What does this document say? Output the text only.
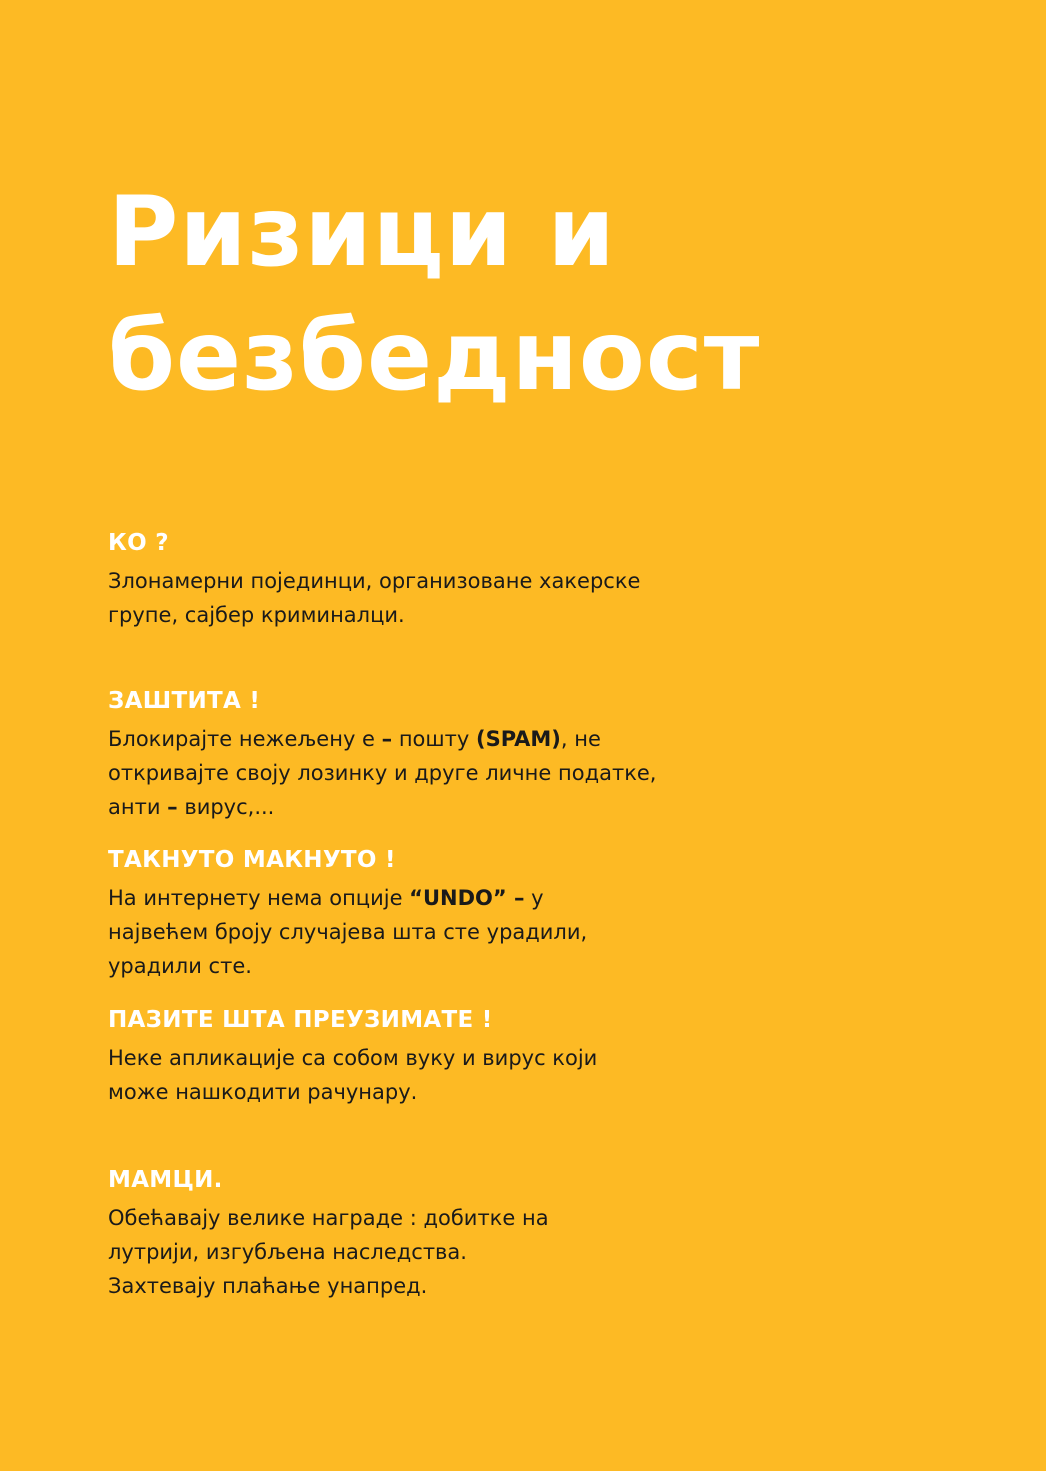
Ризици и
безбедност
КО ?

Злонамерни појединци, организоване хакерске
групе, сајбер криминалци.

ЗАШТИТА !

Блокирајте нежељену е – пошту (SPAM), не
откривајте своју лозинку и друге личне податке,
анти – вирус,...

ТАКНУТО МАКНУТО !

На интернету нема опције “UNDO” – у
највећем броју случајева шта сте урадили,
урадили сте.

ПАЗИТЕ ШТА ПРЕУЗИМАТЕ !

Неке апликације са собом вуку и вирус који
може нашкодити рачунару.

МАМЦИ.

Обећавају велике награде : добитке на
лутрији, изгубљена наследства.
Захтевају плаћање унапред.
